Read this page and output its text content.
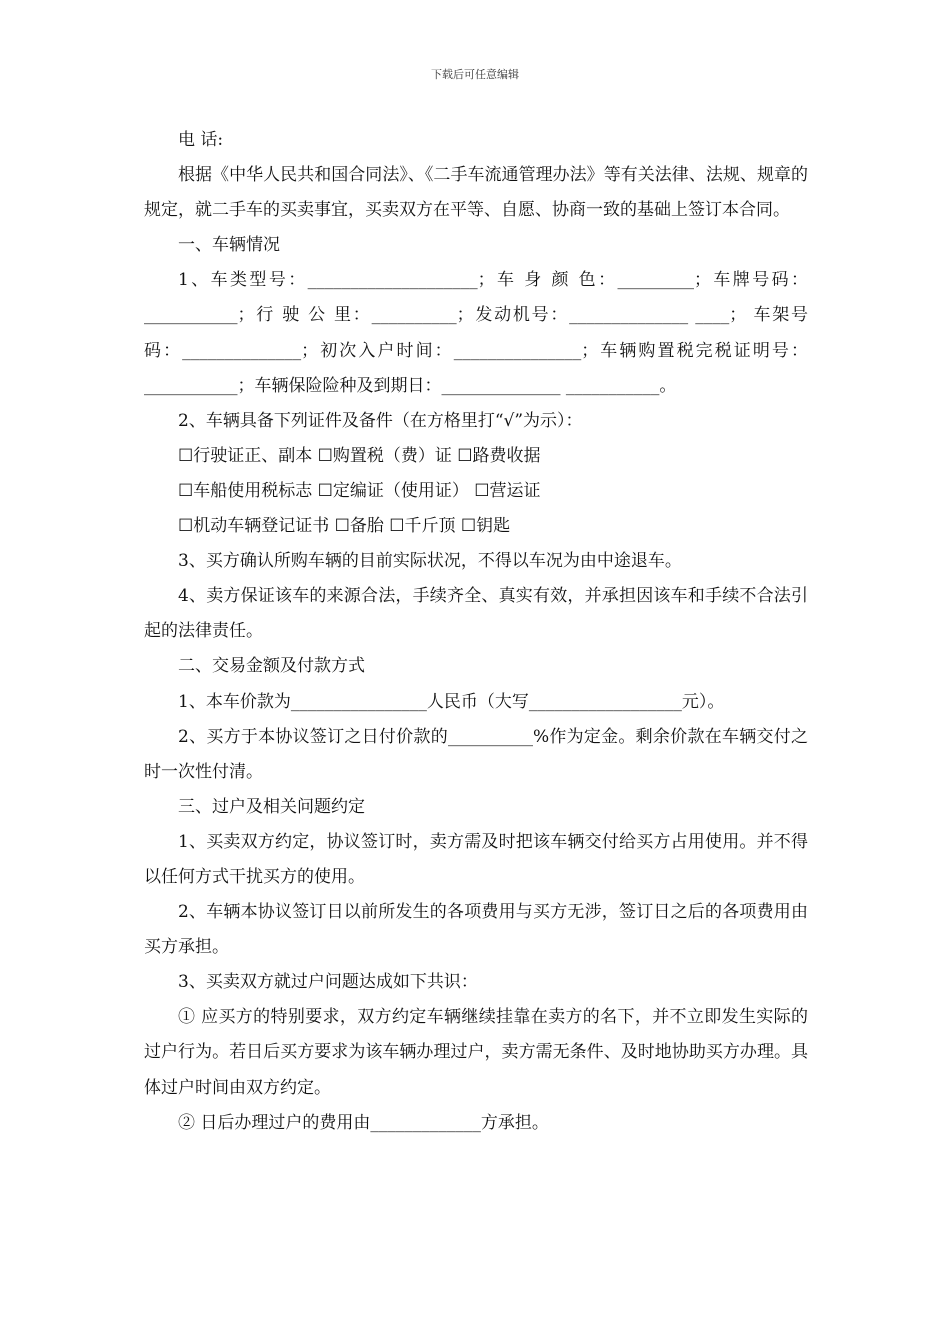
下载后可任意编辑

电 话:

根据《中华人民共和国合同法》、《二手车流通管理办法》等有关法律、法规、规章的规定，就二手车的买卖事宜，买卖双方在平等、自愿、协商一致的基础上签订本合同。

一、车辆情况

1、车类型号：____________________；车 身 颜 色：_________；车牌号码：___________；行 驶 公 里：__________；发动机号：______________ ____； 车架号码：______________；初次入户时间：_______________；车辆购置税完税证明号：___________；车辆保险险种及到期日：______________ ___________。

2、车辆具备下列证件及备件（在方格里打“√”为示）：

☐行驶证正、副本 ☐购置税（费）证 ☐路费收据

☐车船使用税标志 ☐定编证（使用证） ☐营运证

☐机动车辆登记证书 ☐备胎 ☐千斤顶 ☐钥匙

3、买方确认所购车辆的目前实际状况，不得以车况为由中途退车。

4、卖方保证该车的来源合法，手续齐全、真实有效，并承担因该车和手续不合法引起的法律责任。

二、交易金额及付款方式

1、本车价款为________________人民币（大写__________________元）。

2、买方于本协议签订之日付价款的__________%作为定金。剩余价款在车辆交付之时一次性付清。

三、过户及相关问题约定

1、买卖双方约定，协议签订时，卖方需及时把该车辆交付给买方占用使用。并不得以任何方式干扰买方的使用。

2、车辆本协议签订日以前所发生的各项费用与买方无涉，签订日之后的各项费用由买方承担。

3、买卖双方就过户问题达成如下共识：

① 应买方的特别要求，双方约定车辆继续挂靠在卖方的名下，并不立即发生实际的过户行为。若日后买方要求为该车辆办理过户，卖方需无条件、及时地协助买方办理。具体过户时间由双方约定。

② 日后办理过户的费用由_____________方承担。
